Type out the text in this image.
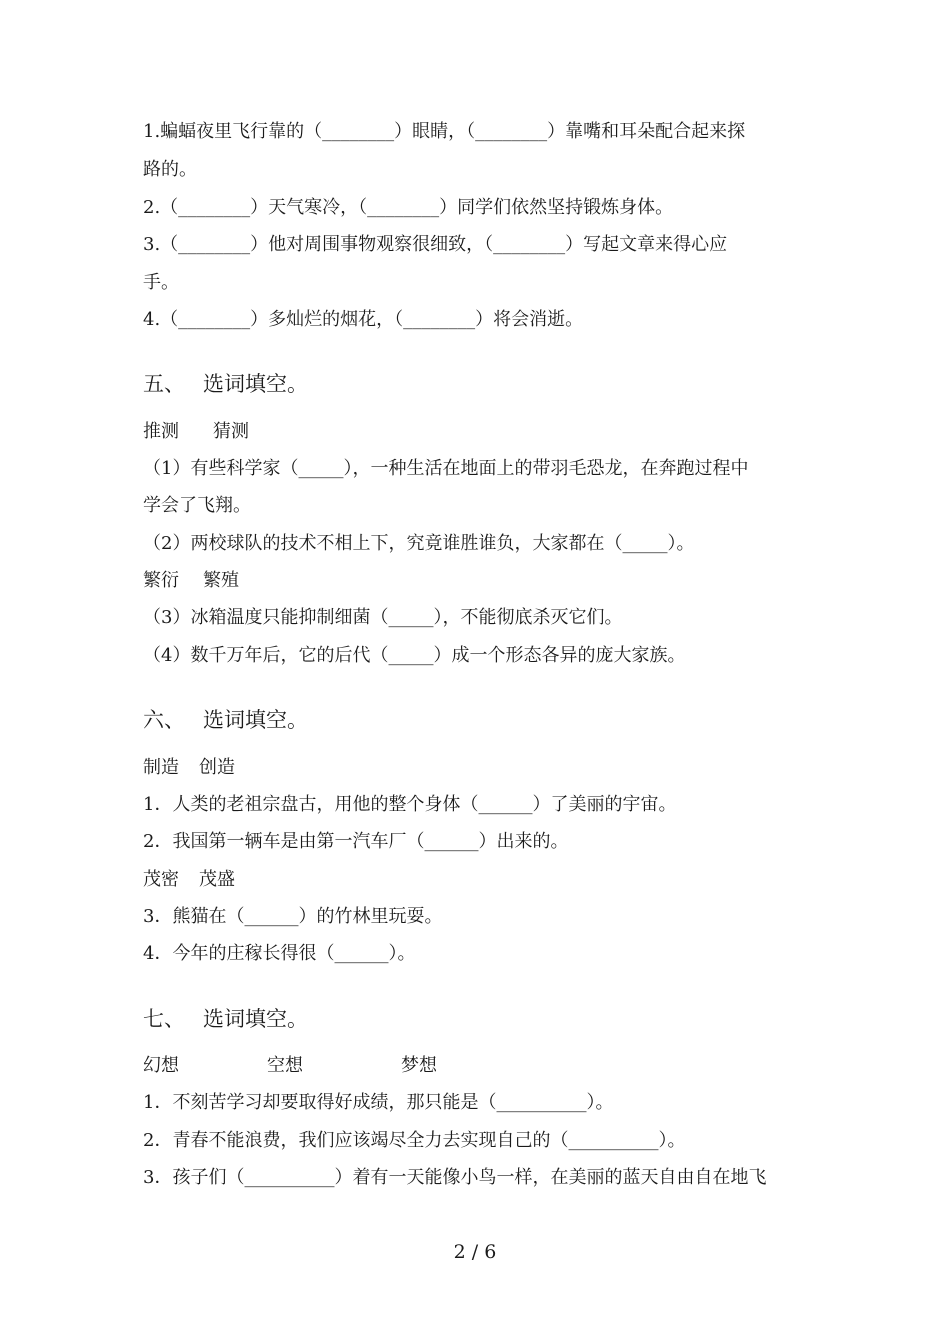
1.蝙蝠夜里飞行靠的（________）眼睛，（________）靠嘴和耳朵配合起来探
路的。
2.（________）天气寒冷，（________）同学们依然坚持锻炼身体。
3.（________）他对周围事物观察很细致，（________）写起文章来得心应
手。
4.（________）多灿烂的烟花，（________）将会消逝。
五、 选词填空。
推测 猜测
（1）有些科学家（_____），一种生活在地面上的带羽毛恐龙，在奔跑过程中
学会了飞翔。
（2）两校球队的技术不相上下，究竟谁胜谁负，大家都在（_____）。
繁衍 繁殖
（3）冰箱温度只能抑制细菌（_____），不能彻底杀灭它们。
（4）数千万年后，它的后代（_____）成一个形态各异的庞大家族。
六、 选词填空。
制造 创造
1．人类的老祖宗盘古，用他的整个身体（______）了美丽的宇宙。
2．我国第一辆车是由第一汽车厂（______）出来的。
茂密 茂盛
3．熊猫在（______）的竹林里玩耍。
4．今年的庄稼长得很（______）。
七、 选词填空。
幻想	空想	梦想
1．不刻苦学习却要取得好成绩，那只能是（__________）。
2．青春不能浪费，我们应该竭尽全力去实现自己的（__________）。
3．孩子们（__________）着有一天能像小鸟一样，在美丽的蓝天自由自在地飞
2 / 6
